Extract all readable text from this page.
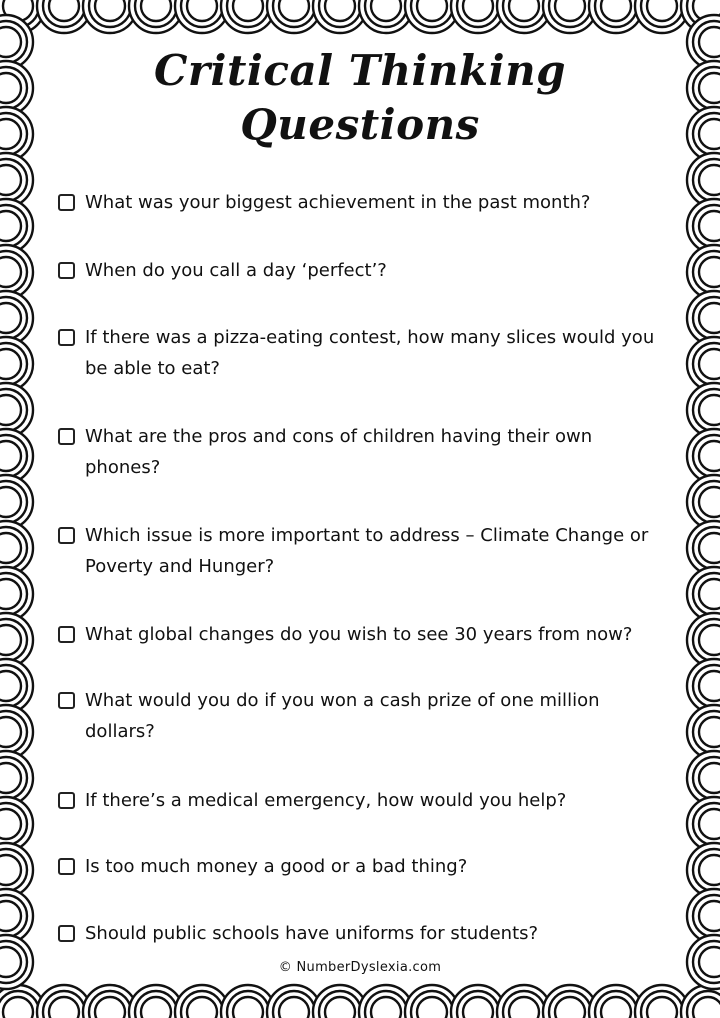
Critical Thinking
Questions
What was your biggest achievement in the past month?
When do you call a day ‘perfect’?
If there was a pizza-eating contest, how many slices would you be able to eat?
What are the pros and cons of children having their own phones?
Which issue is more important to address – Climate Change or Poverty and Hunger?
What global changes do you wish to see 30 years from now?
What would you do if you won a cash prize of one million dollars?
If there’s a medical emergency, how would you help?
Is too much money a good or a bad thing?
Should public schools have uniforms for students?
© NumberDyslexia.com
